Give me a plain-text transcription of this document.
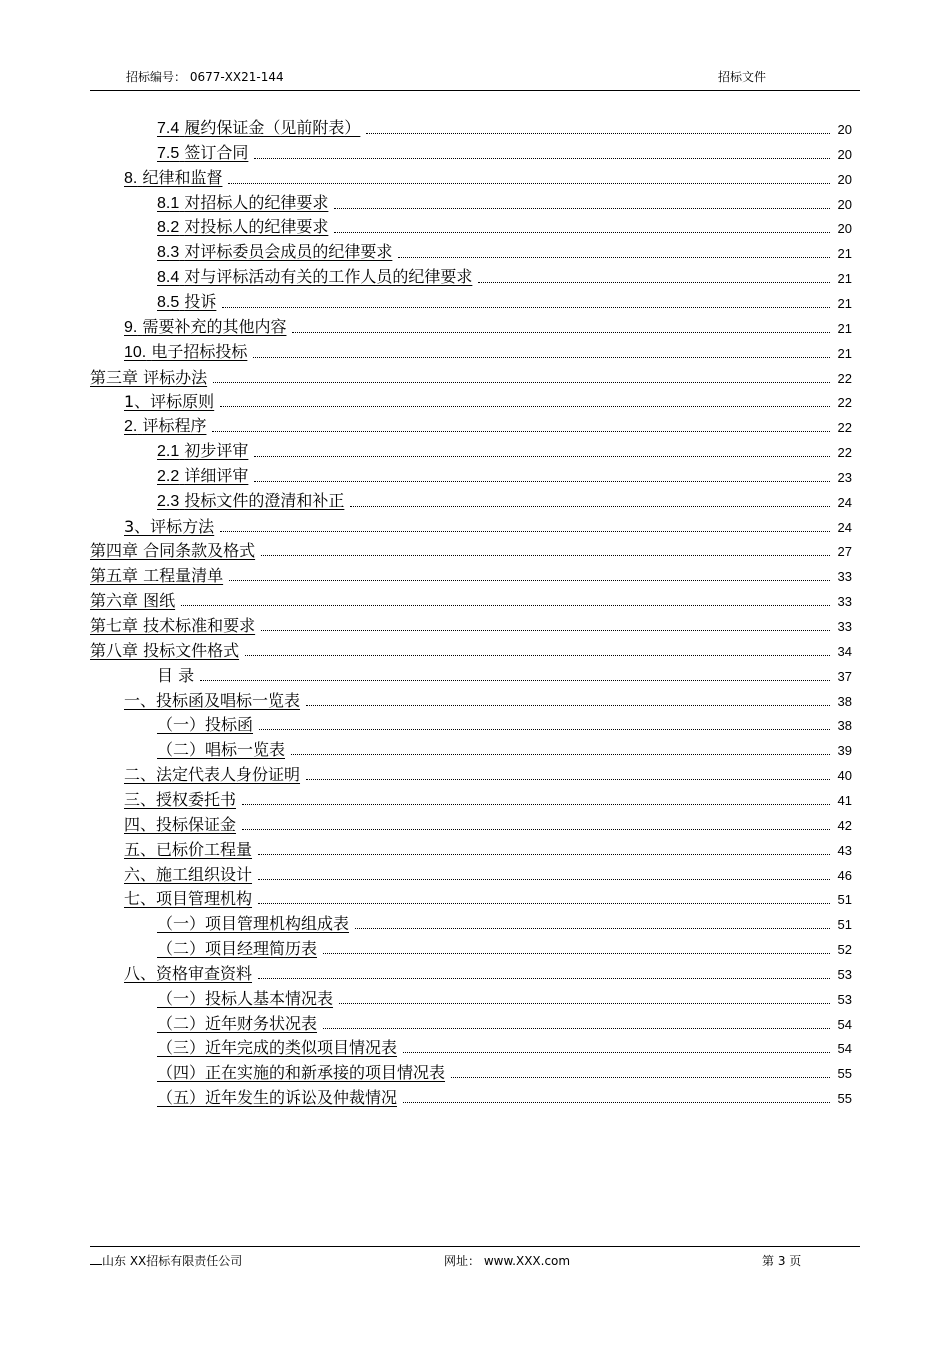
招标编号： 0677-XX21-144	招标文件
7.4 履约保证金（见前附表）	20
7.5 签订合同	20
8. 纪律和监督	20
8.1 对招标人的纪律要求	20
8.2 对投标人的纪律要求	20
8.3 对评标委员会成员的纪律要求	21
8.4 对与评标活动有关的工作人员的纪律要求	21
8.5 投诉	21
9. 需要补充的其他内容	21
10. 电子招标投标	21
第三章 评标办法	22
1、评标原则	22
2. 评标程序	22
2.1 初步评审	22
2.2 详细评审	23
2.3 投标文件的澄清和补正	24
3、评标方法	24
第四章 合同条款及格式	27
第五章 工程量清单	33
第六章 图纸	33
第七章 技术标准和要求	33
第八章 投标文件格式	34
目 录	37
一、投标函及唱标一览表	38
（一）投标函	38
（二）唱标一览表	39
二、法定代表人身份证明	40
三、授权委托书	41
四、投标保证金	42
五、已标价工程量	43
六、施工组织设计	46
七、项目管理机构	51
（一）项目管理机构组成表	51
（二）项目经理简历表	52
八、资格审查资料	53
（一）投标人基本情况表	53
（二）近年财务状况表	54
（三）近年完成的类似项目情况表	54
（四）正在实施的和新承接的项目情况表	55
（五）近年发生的诉讼及仲裁情况	55
山东 XX招标有限责任公司	网址： www.XXX.com	第 3 页
